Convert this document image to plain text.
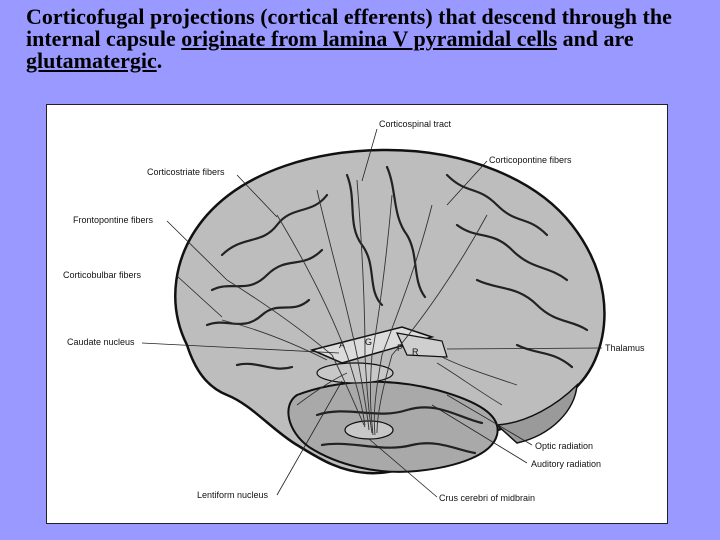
Corticofugal projections (cortical efferents) that descend through the internal capsule originate from lamina V pyramidal cells and are glutamatergic.
A G
P R
Corticospinal tract
Corticopontine fibers
Corticostriate fibers
Frontopontine fibers
Corticobulbar fibers
Caudate nucleus
Thalamus
Optic radiation
Auditory radiation
Lentiform nucleus	Crus cerebri of midbrain
